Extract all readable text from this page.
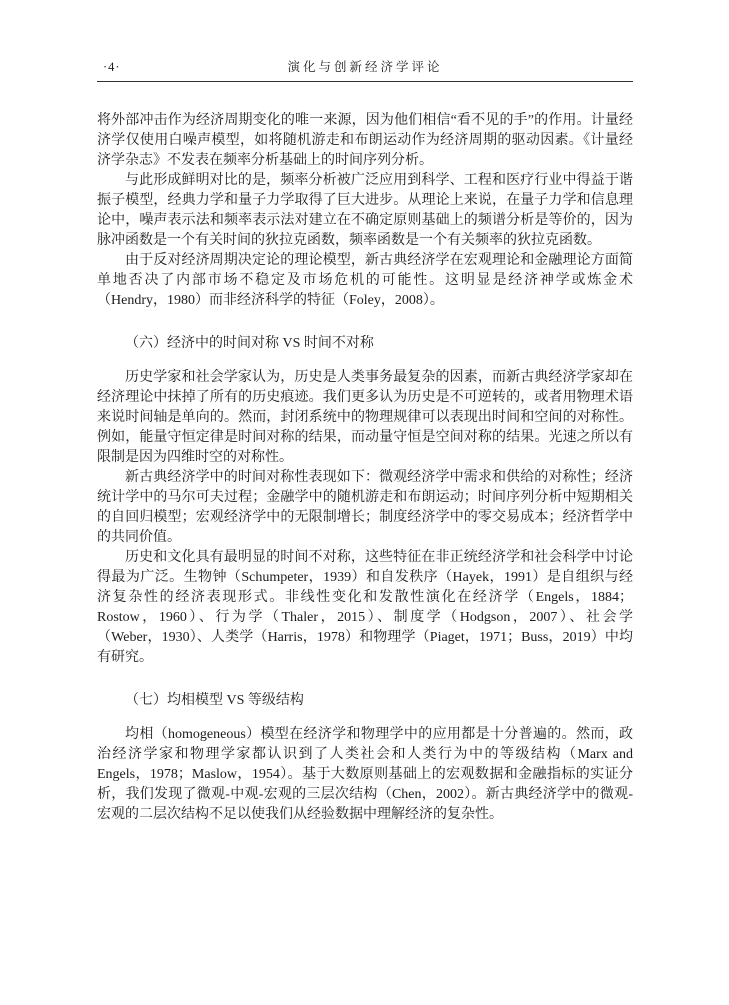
·4·	演化与创新经济学评论

将外部冲击作为经济周期变化的唯一来源，因为他们相信“看不见的手”的作用。计量经济学仅使用白噪声模型，如将随机游走和布朗运动作为经济周期的驱动因素。《计量经济学杂志》不发表在频率分析基础上的时间序列分析。

与此形成鲜明对比的是，频率分析被广泛应用到科学、工程和医疗行业中得益于谐振子模型，经典力学和量子力学取得了巨大进步。从理论上来说，在量子力学和信息理论中，噪声表示法和频率表示法对建立在不确定原则基础上的频谱分析是等价的，因为脉冲函数是一个有关时间的狄拉克函数，频率函数是一个有关频率的狄拉克函数。

由于反对经济周期决定论的理论模型，新古典经济学在宏观理论和金融理论方面简单地否决了内部市场不稳定及市场危机的可能性。这明显是经济神学或炼金术（Hendry，1980）而非经济科学的特征（Foley，2008）。

（六）经济中的时间对称 VS 时间不对称

历史学家和社会学家认为，历史是人类事务最复杂的因素，而新古典经济学家却在经济理论中抹掉了所有的历史痕迹。我们更多认为历史是不可逆转的，或者用物理术语来说时间轴是单向的。然而，封闭系统中的物理规律可以表现出时间和空间的对称性。例如，能量守恒定律是时间对称的结果，而动量守恒是空间对称的结果。光速之所以有限制是因为四维时空的对称性。

新古典经济学中的时间对称性表现如下：微观经济学中需求和供给的对称性；经济统计学中的马尔可夫过程；金融学中的随机游走和布朗运动；时间序列分析中短期相关的自回归模型；宏观经济学中的无限制增长；制度经济学中的零交易成本；经济哲学中的共同价值。

历史和文化具有最明显的时间不对称，这些特征在非正统经济学和社会科学中讨论得最为广泛。生物钟（Schumpeter，1939）和自发秩序（Hayek，1991）是自组织与经济复杂性的经济表现形式。非线性变化和发散性演化在经济学（Engels，1884；Rostow，1960）、行为学（Thaler，2015）、制度学（Hodgson，2007）、社会学（Weber，1930）、人类学（Harris，1978）和物理学（Piaget，1971；Buss，2019）中均有研究。

（七）均相模型 VS 等级结构

均相（homogeneous）模型在经济学和物理学中的应用都是十分普遍的。然而，政治经济学家和物理学家都认识到了人类社会和人类行为中的等级结构（Marx and Engels，1978；Maslow，1954）。基于大数原则基础上的宏观数据和金融指标的实证分析，我们发现了微观-中观-宏观的三层次结构（Chen，2002）。新古典经济学中的微观-宏观的二层次结构不足以使我们从经验数据中理解经济的复杂性。
